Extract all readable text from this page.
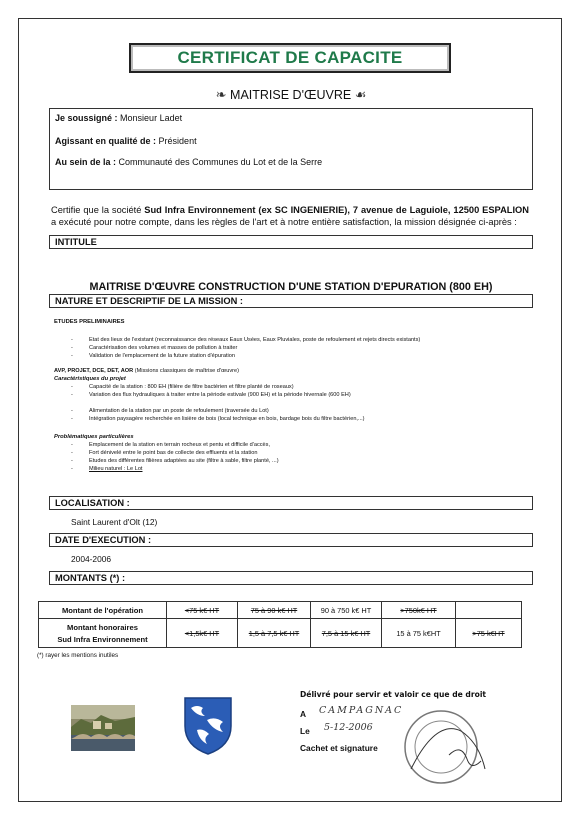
CERTIFICAT DE CAPACITE
❧ MAITRISE D'ŒUVRE ☙
Je soussigné : Monsieur Ladet
Agissant en qualité de : Président
Au sein de la : Communauté des Communes du Lot et de la Serre
Certifie que la société Sud Infra Environnement (ex SC INGENIERIE), 7 avenue de Laguiole, 12500 ESPALION a exécuté pour notre compte, dans les règles de l'art et à notre entière satisfaction, la mission désignée ci-après :
INTITULE
MAITRISE D'ŒUVRE CONSTRUCTION D'UNE STATION D'EPURATION (800 EH)
NATURE ET DESCRIPTIF DE LA MISSION :
ETUDES PRELIMINAIRES
-	Etat des lieux de l'existant (reconnaissance des réseaux Eaux Usées, Eaux Pluviales, poste de refoulement et rejets directs existants)
-	Caractérisation des volumes et masses de pollution à traiter
-	Validation de l'emplacement de la future station d'épuration
AVP, PROJET, DCE, DET, AOR (Missions classiques de maîtrise d'œuvre)
Caractéristiques du projet
-	Capacité de la station : 800 EH (filière de filtre bactérien et filtre planté de roseaux)
-	Variation des flux hydrauliques à traiter entre la période estivale (900 EH) et la période hivernale (600 EH)
-	Alimentation de la station par un poste de refoulement (traversée du Lot)
-	Intégration paysagère recherchée en lisière de bois (local technique en bois, bardage bois du filtre bactérien,...)
Problématiques particulières
-	Emplacement de la station en terrain rocheux et pentu et difficile d'accès,
-	Fort dénivelé entre le point bas de collecte des effluents et la station
-	Etudes des différentes filières adaptées au site (filtre à sable, filtre planté, ...)
-	Milieu naturel : Le Lot
LOCALISATION :
Saint Laurent d'Olt (12)
DATE D'EXECUTION :
2004-2006
MONTANTS (*) :
Montant de l'opération	<75 k€ HT	75 à 90 k€ HT	90 à 750 k€ HT	>750k€ HT	

Montant honoraires
Sud Infra Environnement	<1,5k€ HT	1,5 à 7,5 k€ HT	7,5 à 15 k€ HT	15 à 75 k€HT	>75 k€HT
(*) rayer les mentions inutiles
Délivré pour servir et valoir ce que de droit
A CAMPAGNAC
Le 5-12-2006
Cachet et signature
